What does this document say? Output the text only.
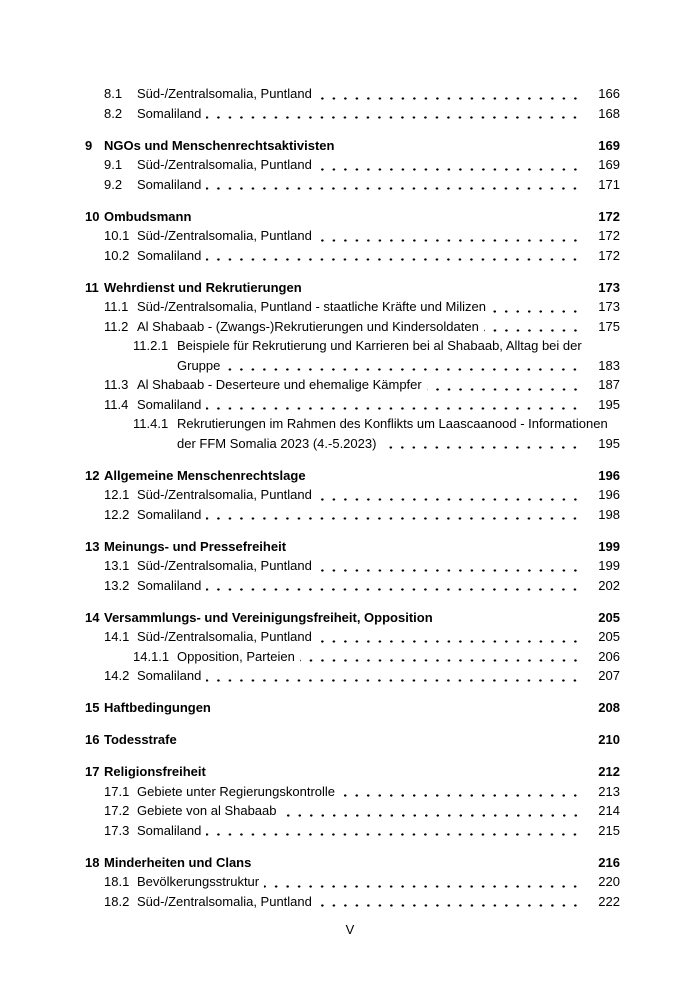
8.1	Süd-/Zentralsomalia, Puntland	166
8.2	Somaliland	168
9 NGOs und Menschenrechtsaktivisten	169
9.1	Süd-/Zentralsomalia, Puntland	169
9.2	Somaliland	171
10 Ombudsmann	172
10.1 Süd-/Zentralsomalia, Puntland	172
10.2 Somaliland	172
11 Wehrdienst und Rekrutierungen	173
11.1 Süd-/Zentralsomalia, Puntland - staatliche Kräfte und Milizen	173
11.2 Al Shabaab - (Zwangs-)Rekrutierungen und Kindersoldaten	175
11.2.1 Beispiele für Rekrutierung und Karrieren bei al Shabaab, Alltag bei der
Gruppe	183
11.3 Al Shabaab - Deserteure und ehemalige Kämpfer	187
11.4 Somaliland	195
11.4.1 Rekrutierungen im Rahmen des Konflikts um Laascaanood - Informationen
der FFM Somalia 2023 (4.-5.2023)	195
12 Allgemeine Menschenrechtslage	196
12.1 Süd-/Zentralsomalia, Puntland	196
12.2 Somaliland	198
13 Meinungs- und Pressefreiheit	199
13.1 Süd-/Zentralsomalia, Puntland	199
13.2 Somaliland	202
14 Versammlungs- und Vereinigungsfreiheit, Opposition	205
14.1 Süd-/Zentralsomalia, Puntland	205
14.1.1 Opposition, Parteien	206
14.2 Somaliland	207
15 Haftbedingungen	208
16 Todesstrafe	210
17 Religionsfreiheit	212
17.1 Gebiete unter Regierungskontrolle	213
17.2 Gebiete von al Shabaab	214
17.3 Somaliland	215
18 Minderheiten und Clans	216
18.1 Bevölkerungsstruktur	220
18.2 Süd-/Zentralsomalia, Puntland	222
V
